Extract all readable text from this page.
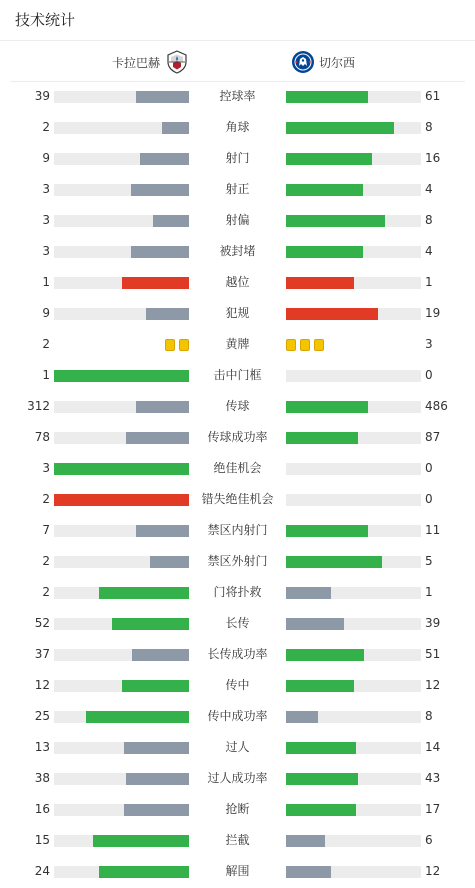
技术统计
卡拉巴赫	切尔西
39	控球率	61
2	角球	8
9	射门	16
3	射正	4
3	射偏	8
3	被封堵	4
1	越位	1
9	犯规	19
2	黄牌	3
1	击中门框	0
312	传球	486
78	传球成功率	87
3	绝佳机会	0
2	错失绝佳机会	0
7	禁区内射门	11
2	禁区外射门	5
2	门将扑救	1
52	长传	39
37	长传成功率	51
12	传中	12
25	传中成功率	8
13	过人	14
38	过人成功率	43
16	抢断	17
15	拦截	6
24	解围	12
